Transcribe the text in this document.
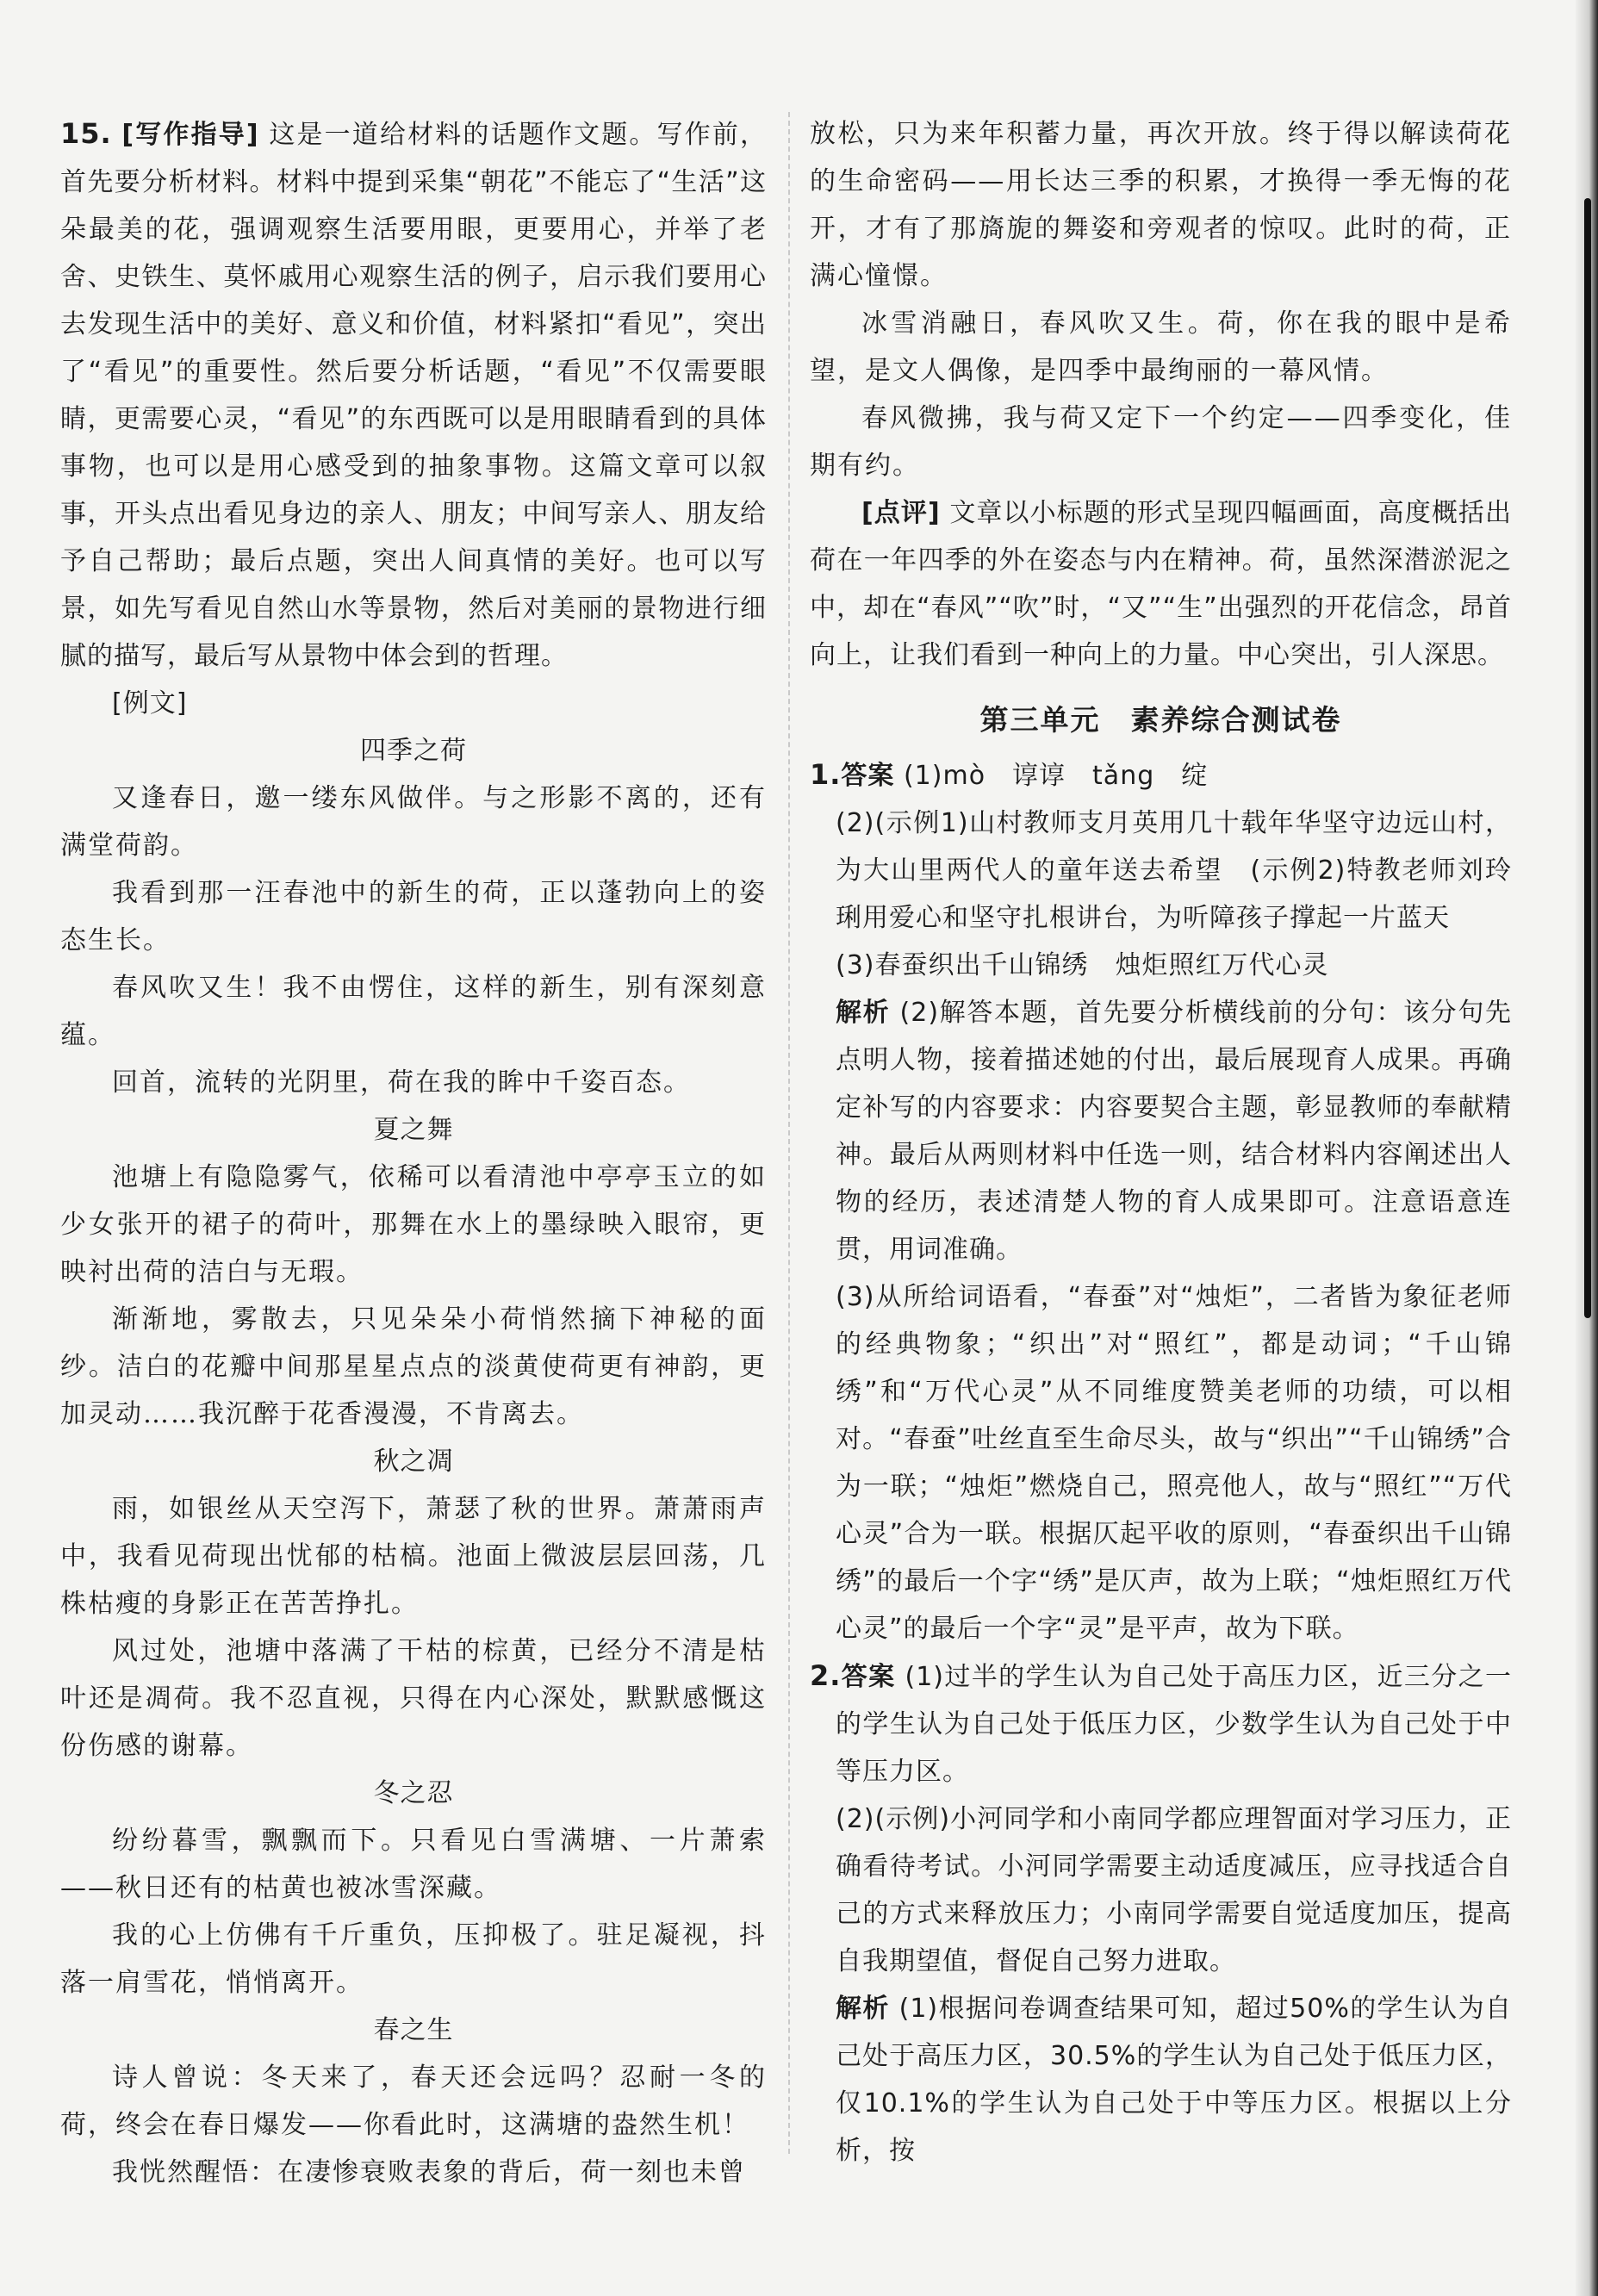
15. [写作指导] 这是一道给材料的话题作文题。写作前，首先要分析材料。材料中提到采集“朝花”不能忘了“生活”这朵最美的花，强调观察生活要用眼，更要用心，并举了老舍、史铁生、莫怀戚用心观察生活的例子，启示我们要用心去发现生活中的美好、意义和价值，材料紧扣“看见”，突出了“看见”的重要性。然后要分析话题，“看见”不仅需要眼睛，更需要心灵，“看见”的东西既可以是用眼睛看到的具体事物，也可以是用心感受到的抽象事物。这篇文章可以叙事，开头点出看见身边的亲人、朋友；中间写亲人、朋友给予自己帮助；最后点题，突出人间真情的美好。也可以写景，如先写看见自然山水等景物，然后对美丽的景物进行细腻的描写，最后写从景物中体会到的哲理。

[例文]

四季之荷

又逢春日，邀一缕东风做伴。与之形影不离的，还有满堂荷韵。

我看到那一汪春池中的新生的荷，正以蓬勃向上的姿态生长。

春风吹又生！我不由愣住，这样的新生，别有深刻意蕴。

回首，流转的光阴里，荷在我的眸中千姿百态。

夏之舞

池塘上有隐隐雾气，依稀可以看清池中亭亭玉立的如少女张开的裙子的荷叶，那舞在水上的墨绿映入眼帘，更映衬出荷的洁白与无瑕。

渐渐地，雾散去，只见朵朵小荷悄然摘下神秘的面纱。洁白的花瓣中间那星星点点的淡黄使荷更有神韵，更加灵动……我沉醉于花香漫漫，不肯离去。

秋之凋

雨，如银丝从天空泻下，萧瑟了秋的世界。萧萧雨声中，我看见荷现出忧郁的枯槁。池面上微波层层回荡，几株枯瘦的身影正在苦苦挣扎。

风过处，池塘中落满了干枯的棕黄，已经分不清是枯叶还是凋荷。我不忍直视，只得在内心深处，默默感慨这份伤感的谢幕。

冬之忍

纷纷暮雪，飘飘而下。只看见白雪满塘、一片萧索——秋日还有的枯黄也被冰雪深藏。

我的心上仿佛有千斤重负，压抑极了。驻足凝视，抖落一肩雪花，悄悄离开。

春之生

诗人曾说：冬天来了，春天还会远吗？忍耐一冬的荷，终会在春日爆发——你看此时，这满塘的盎然生机！

我恍然醒悟：在凄惨衰败表象的背后，荷一刻也未曾

放松，只为来年积蓄力量，再次开放。终于得以解读荷花的生命密码——用长达三季的积累，才换得一季无悔的花开，才有了那旖旎的舞姿和旁观者的惊叹。此时的荷，正满心憧憬。

冰雪消融日，春风吹又生。荷，你在我的眼中是希望，是文人偶像，是四季中最绚丽的一幕风情。

春风微拂，我与荷又定下一个约定——四季变化，佳期有约。

[点评] 文章以小标题的形式呈现四幅画面，高度概括出荷在一年四季的外在姿态与内在精神。荷，虽然深潜淤泥之中，却在“春风”“吹”时，“又”“生”出强烈的开花信念，昂首向上，让我们看到一种向上的力量。中心突出，引人深思。

第三单元　素养综合测试卷

1.答案 (1)mò　谆谆　tǎng　绽

(2)(示例1)山村教师支月英用几十载年华坚守边远山村，为大山里两代人的童年送去希望　(示例2)特教老师刘玲琍用爱心和坚守扎根讲台，为听障孩子撑起一片蓝天

(3)春蚕织出千山锦绣　烛炬照红万代心灵

解析 (2)解答本题，首先要分析横线前的分句：该分句先点明人物，接着描述她的付出，最后展现育人成果。再确定补写的内容要求：内容要契合主题，彰显教师的奉献精神。最后从两则材料中任选一则，结合材料内容阐述出人物的经历，表述清楚人物的育人成果即可。注意语意连贯，用词准确。

(3)从所给词语看，“春蚕”对“烛炬”，二者皆为象征老师的经典物象；“织出”对“照红”，都是动词；“千山锦绣”和“万代心灵”从不同维度赞美老师的功绩，可以相对。“春蚕”吐丝直至生命尽头，故与“织出”“千山锦绣”合为一联；“烛炬”燃烧自己，照亮他人，故与“照红”“万代心灵”合为一联。根据仄起平收的原则，“春蚕织出千山锦绣”的最后一个字“绣”是仄声，故为上联；“烛炬照红万代心灵”的最后一个字“灵”是平声，故为下联。

2.答案 (1)过半的学生认为自己处于高压力区，近三分之一的学生认为自己处于低压力区，少数学生认为自己处于中等压力区。

(2)(示例)小河同学和小南同学都应理智面对学习压力，正确看待考试。小河同学需要主动适度减压，应寻找适合自己的方式来释放压力；小南同学需要自觉适度加压，提高自我期望值，督促自己努力进取。

解析 (1)根据问卷调查结果可知，超过50%的学生认为自己处于高压力区，30.5%的学生认为自己处于低压力区，仅10.1%的学生认为自己处于中等压力区。根据以上分析，按
